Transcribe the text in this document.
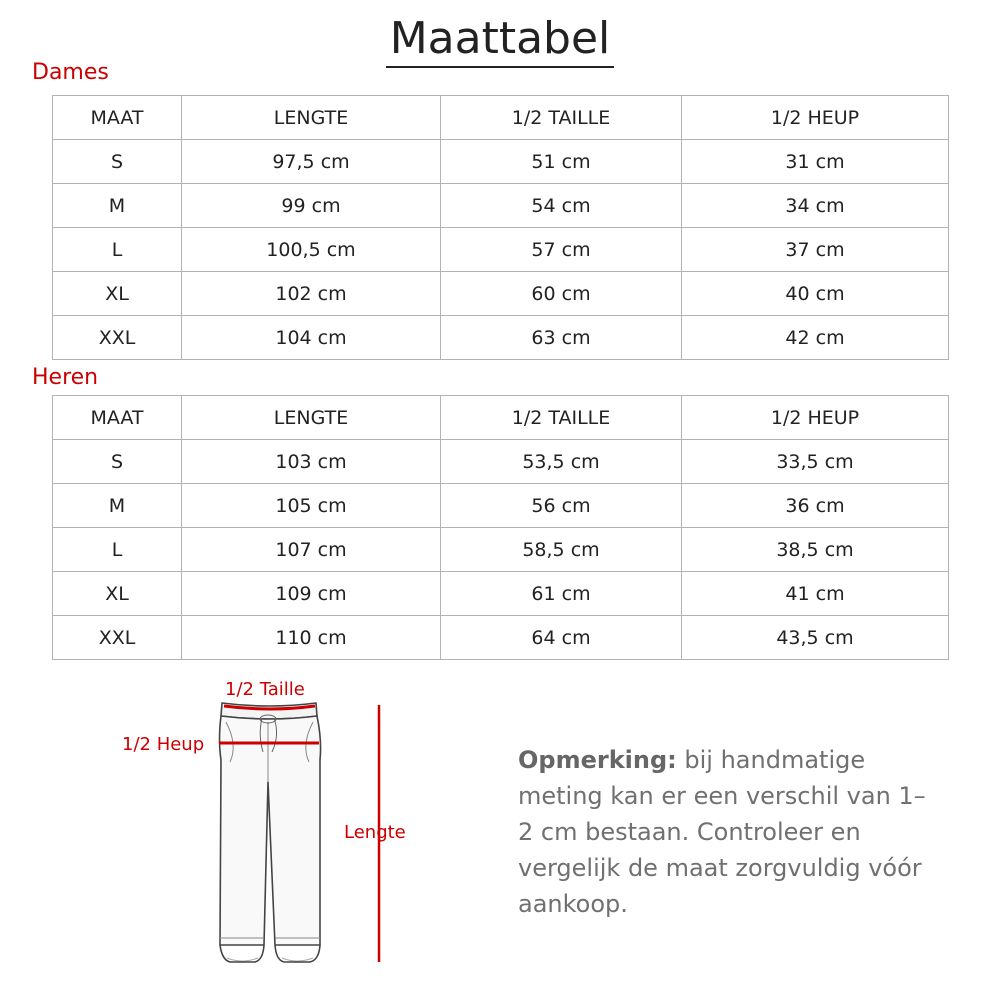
Maattabel
Dames
MAAT	LENGTE	1/2 TAILLE	1/2 HEUP
S	97,5 cm	51 cm	31 cm
M	99 cm	54 cm	34 cm
L	100,5 cm	57 cm	37 cm
XL	102 cm	60 cm	40 cm
XXL	104 cm	63 cm	42 cm
Heren
MAAT	LENGTE	1/2 TAILLE	1/2 HEUP
S	103 cm	53,5 cm	33,5 cm
M	105 cm	56 cm	36 cm
L	107 cm	58,5 cm	38,5 cm
XL	109 cm	61 cm	41 cm
XXL	110 cm	64 cm	43,5 cm
1/2 Taille
1/2 Heup
Lengte
Opmerking: bij handmatige meting kan er een verschil van 1–2 cm bestaan. Controleer en vergelijk de maat zorgvuldig vóór aankoop.
